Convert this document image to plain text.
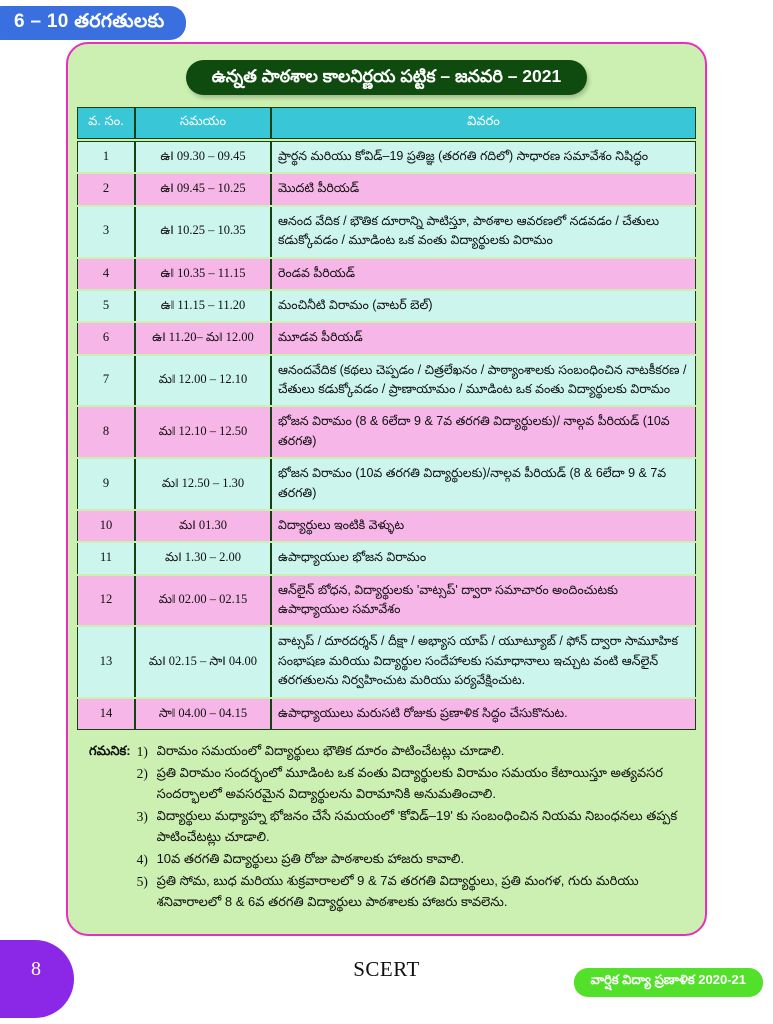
6 – 10 తరగతులకు
ఉన్నత పాఠశాల కాలనిర్ణయ పట్టిక – జనవరి – 2021
వ. సం.	సమయం	వివరం
1	ఉ‖ 09.30 – 09.45	ప్రార్థన మరియు కోవిడ్‌–19 ప్రతిజ్ఞ (తరగతి గదిలో) సాధారణ సమావేశం నిషిద్ధం
2	ఉ‖ 09.45 – 10.25	మొదటి పీరియడ్
3	ఉ‖ 10.25 – 10.35	ఆనంద వేదిక / భౌతిక దూరాన్ని పాటిస్తూ, పాఠశాల ఆవరణలో నడవడం / చేతులు కడుక్కోవడం / మూడింట ఒక వంతు విద్యార్థులకు విరామం
4	ఉ‖ 10.35 – 11.15	రెండవ పీరియడ్
5	ఉ‖ 11.15 – 11.20	మంచినీటి విరామం (వాటర్ బెల్)
6	ఉ‖ 11.20– మ‖ 12.00	మూడవ పీరియడ్
7	మ‖ 12.00 – 12.10	ఆనందవేదిక (కథలు చెప్పడం / చిత్రలేఖనం / పాఠ్యాంశాలకు సంబంధించిన నాటకీకరణ / చేతులు కడుక్కోవడం / ప్రాణాయామం / మూడింట ఒక వంతు విద్యార్థులకు విరామం
8	మ‖ 12.10 – 12.50	భోజన విరామం (8 & 6లేదా 9 & 7వ తరగతి విద్యార్థులకు)/ నాల్గవ పీరియడ్ (10వ తరగతి)
9	మ‖ 12.50 – 1.30	భోజన విరామం (10వ తరగతి విద్యార్థులకు)/నాల్గవ పీరియడ్ (8 & 6లేదా 9 & 7వ తరగతి)
10	మ‖ 01.30	విద్యార్థులు ఇంటికి వెళ్ళుట
11	మ‖ 1.30 – 2.00	ఉపాధ్యాయుల భోజన విరామం
12	మ‖ 02.00 – 02.15	ఆన్‌లైన్ బోధన, విద్యార్థులకు 'వాట్సప్' ద్వారా సమాచారం అందించుటకు ఉపాధ్యాయుల సమావేశం
13	మ‖ 02.15 – సా‖ 04.00	వాట్సప్ / దూరదర్శన్ / దీక్షా / అభ్యాస యాప్ / యూట్యూబ్ / ఫోన్ ద్వారా సామూహిక సంభాషణ మరియు విద్యార్థుల సందేహాలకు సమాధానాలు ఇచ్చుట వంటి ఆన్‌లైన్ తరగతులను నిర్వహించుట మరియు పర్యవేక్షించుట.
14	సా‖ 04.00 – 04.15	ఉపాధ్యాయులు మరుసటి రోజుకు ప్రణాళిక సిద్ధం చేసుకొనుట.
గమనిక: 1) విరామం సమయంలో విద్యార్థులు భౌతిక దూరం పాటించేటట్లు చూడాలి.
2) ప్రతి విరామం సందర్భంలో మూడింట ఒక వంతు విద్యార్థులకు విరామం సమయం కేటాయిస్తూ అత్యవసర సందర్భాలలో అవసరమైన విద్యార్థులను విరామానికి అనుమతించాలి.
3) విద్యార్థులు మధ్యాహ్న భోజనం చేసే సమయంలో 'కోవిడ్‌–19' కు సంబంధించిన నియమ నిబంధనలు తప్పక పాటించేటట్లు చూడాలి.
4) 10వ తరగతి విద్యార్థులు ప్రతి రోజు పాఠశాలకు హాజరు కావాలి.
5) ప్రతి సోమ, బుధ మరియు శుక్రవారాలలో 9 & 7వ తరగతి విద్యార్థులు, ప్రతి మంగళ, గురు మరియు శనివారాలలో 8 & 6వ తరగతి విద్యార్థులు పాఠశాలకు హాజరు కావలెను.
8	SCERT	వార్షిక విద్యా ప్రణాళిక 2020-21
